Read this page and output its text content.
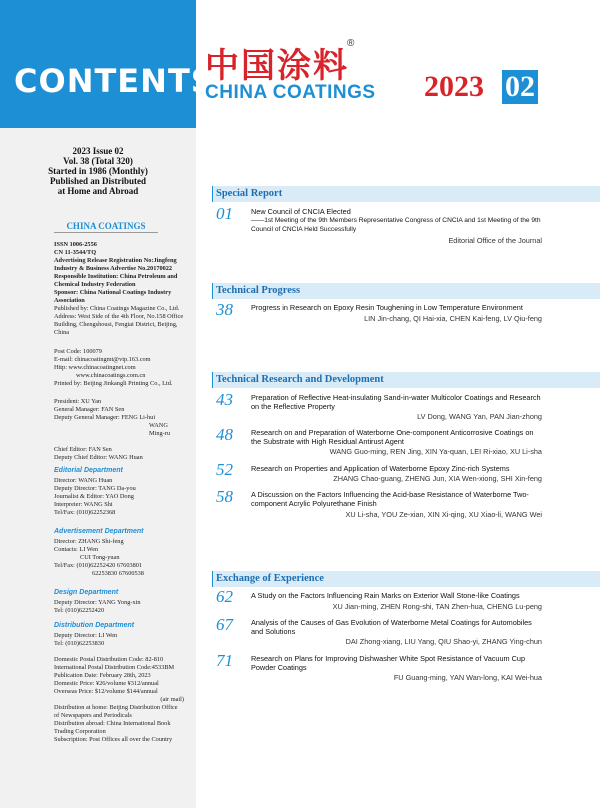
CONTENTS
中国涂料
®
CHINA COATINGS 2023 02
2023 Issue 02
Vol. 38 (Total 320)
Started in 1986 (Monthly)
Published an Distributed
at Home and Abroad
CHINA COATINGS
ISSN 1006-2556
CN 11-3544/TQ
Advertising Release Registration No:Jingfeng Industry & Business Advertise No.20170022
Responsible Institution: China Petroleum and Chemical Industry Federation
Sponsor: China National Coatings Industry Association
Published by: China Coatings Magazine Co., Ltd.
Address: West Side of the 4th Floor, No.158 Office Building, Chengshousi, Fengtai District, Beijing, China
Post Code: 100079
E-mail: chinacoatingmt@vip.163.com
Http: www.chinacoatingnet.com
www.chinacoatings.com.cn
Printed by: Beijing Jinkangli Printing Co., Ltd.
President: XU Yan
General Manager: FAN Sen
Deputy General Manager: FENG Li-hui
WANG Ming-ru
Chief Editor: FAN Sen
Deputy Chief Editor: WANG Huan
Editorial Department
Director: WANG Huan
Deputy Director: TANG Da-you
Journalist & Editor: YAO Dong
Interpreter: WANG Shi
Tel/Fax: (010)62252368
Advertisement Department
Director: ZHANG Shi-feng
Contacts: LI Wen
CUI Tong-yuan
Tel/Fax: (010)62252420 67603801
62253830 67600538
Design Department
Deputy Director: YANG Yong-xin
Tel: (010)62252420
Distribution Department
Deputy Director: LI Wen
Tel: (010)62253830
Domestic Postal Distribution Code: 82-810
International Postal Distribution Code:4533BM
Publication Date: February 28th, 2023
Domestic Price: ¥26/volume ¥312/annual
Overseas Price: $12/volume $144/annual
(air mail)
Distribution at home: Beijing Distribution Office of Newspapers and Periodicals
Distribution abroad: China International Book Trading Corporation
Subscription: Post Offices all over the Country
Special Report
01 New Council of CNCIA Elected
——1st Meeting of the 9th Members Representative Congress of CNCIA and 1st Meeting of the 9th Council of CNCIA Held Successfully
Editorial Office of the Journal
Technical Progress
38 Progress in Research on Epoxy Resin Toughening in Low Temperature Environment
LIN Jin-chang, QI Hai-xia, CHEN Kai-feng, LV Qiu-feng
Technical Research and Development
43 Preparation of Reflective Heat-insulating Sand-in-water Multicolor Coatings and Research on the Reflective Property
LV Dong, WANG Yan, PAN Jian-zhong
48 Research on and Preparation of Waterborne One-component Anticorrosive Coatings on the Substrate with High Residual Antirust Agent
WANG Guo-ming, REN Jing, XIN Ya-quan, LEI Ri-xiao, XU Li-sha
52 Research on Properties and Application of Waterborne Epoxy Zinc-rich Systems
ZHANG Chao-guang, ZHENG Jun, XIA Wen-xiong, SHI Xin-feng
58 A Discussion on the Factors Influencing the Acid-base Resistance of Waterborne Two-component Acrylic Polyurethane Finish
XU Li-sha, YOU Ze-xian, XIN Xi-qing, XU Xiao-li, WANG Wei
Exchange of Experience
62 A Study on the Factors Influencing Rain Marks on Exterior Wall Stone-like Coatings
XU Jian-ming, ZHEN Rong-shi, TAN Zhen-hua, CHENG Lu-peng
67 Analysis of the Causes of Gas Evolution of Waterborne Metal Coatings for Automobiles and Solutions
DAI Zhong-xiang, LIU Yang, QIU Shao-yi, ZHANG Ying-chun
71 Research on Plans for Improving Dishwasher White Spot Resistance of Vacuum Cup Powder Coatings
FU Guang-ming, YAN Wan-long, KAI Wei-hua
